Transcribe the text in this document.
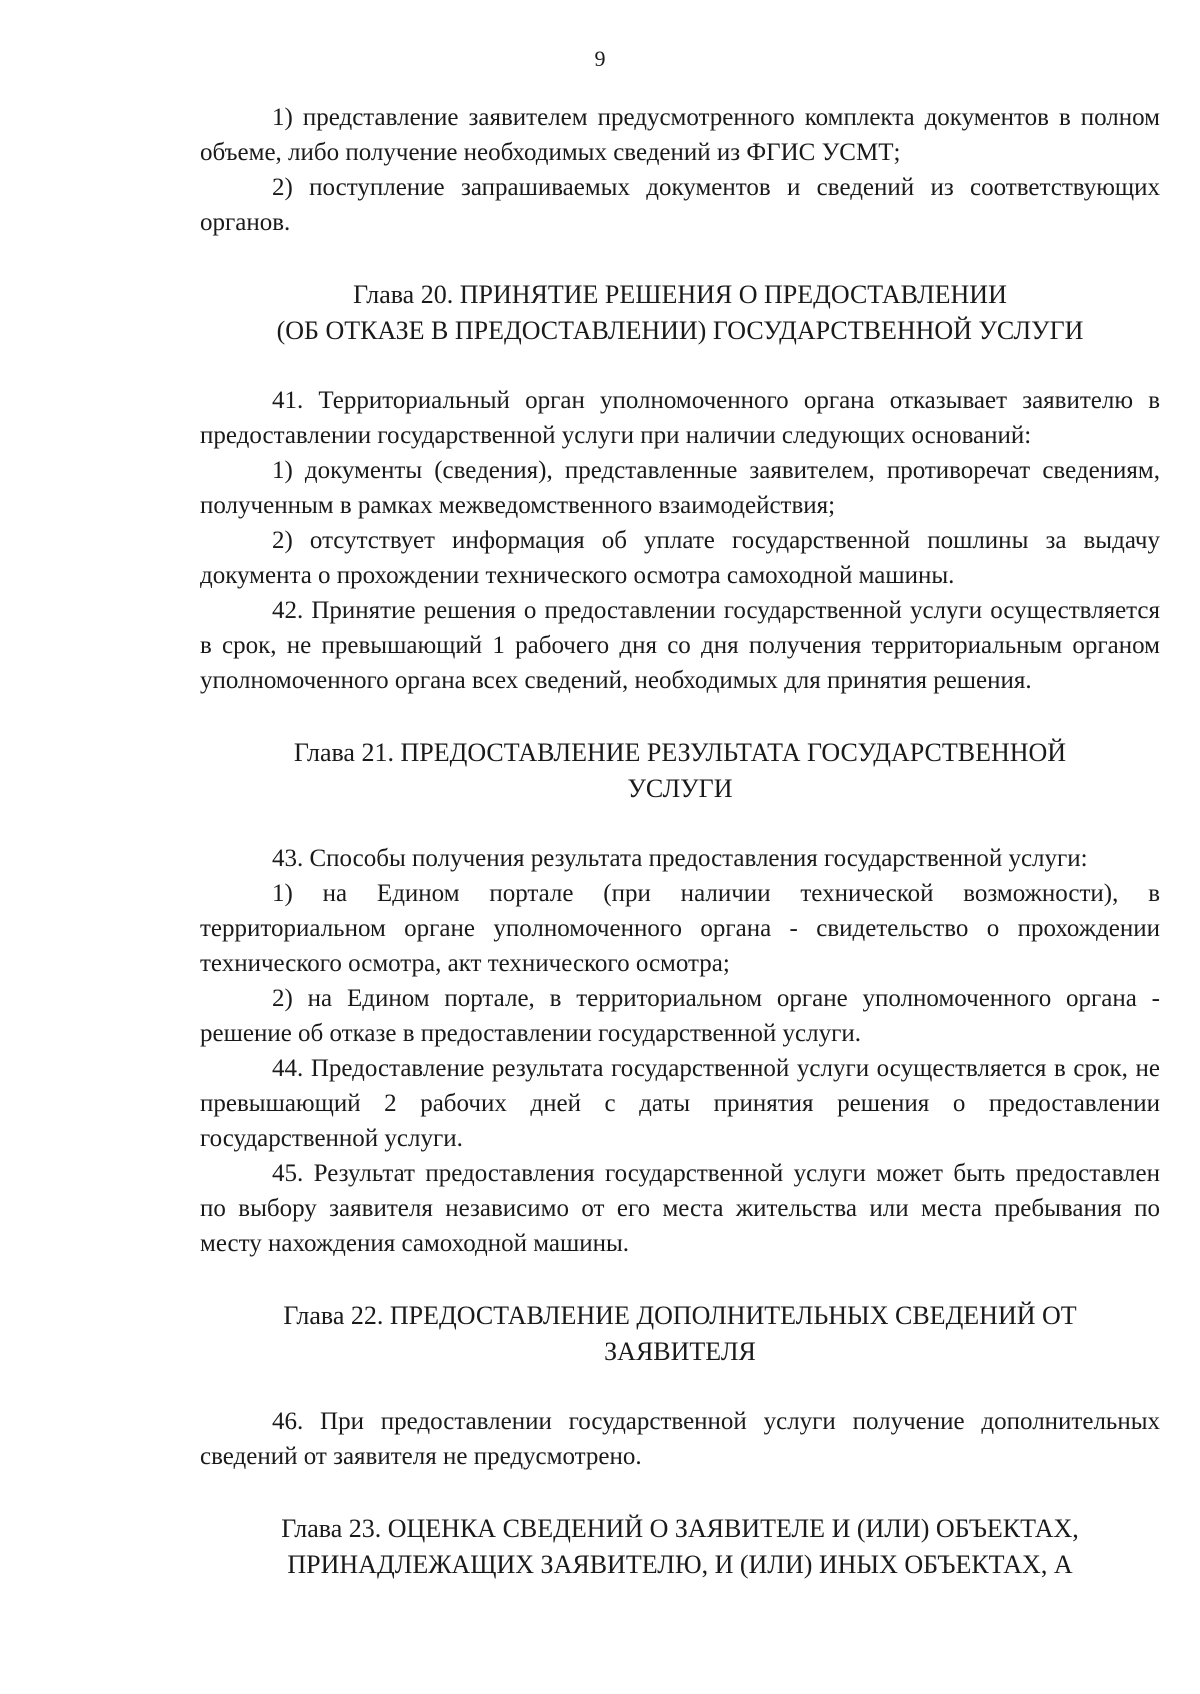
9

1) представление заявителем предусмотренного комплекта документов в полном объеме, либо получение необходимых сведений из ФГИС УСМТ;

2) поступление запрашиваемых документов и сведений из соответствующих органов.

Глава 20. ПРИНЯТИЕ РЕШЕНИЯ О ПРЕДОСТАВЛЕНИИ
(ОБ ОТКАЗЕ В ПРЕДОСТАВЛЕНИИ) ГОСУДАРСТВЕННОЙ УСЛУГИ

41. Территориальный орган уполномоченного органа отказывает заявителю в предоставлении государственной услуги при наличии следующих оснований:

1) документы (сведения), представленные заявителем, противоречат сведениям, полученным в рамках межведомственного взаимодействия;

2) отсутствует информация об уплате государственной пошлины за выдачу документа о прохождении технического осмотра самоходной машины.

42. Принятие решения о предоставлении государственной услуги осуществляется в срок, не превышающий 1 рабочего дня со дня получения территориальным органом уполномоченного органа всех сведений, необходимых для принятия решения.

Глава 21. ПРЕДОСТАВЛЕНИЕ РЕЗУЛЬТАТА ГОСУДАРСТВЕННОЙ
УСЛУГИ

43. Способы получения результата предоставления государственной услуги:

1) на Едином портале (при наличии технической возможности), в территориальном органе уполномоченного органа - свидетельство о прохождении технического осмотра, акт технического осмотра;

2) на Едином портале, в территориальном органе уполномоченного органа - решение об отказе в предоставлении государственной услуги.

44. Предоставление результата государственной услуги осуществляется в срок, не превышающий 2 рабочих дней с даты принятия решения о предоставлении государственной услуги.

45. Результат предоставления государственной услуги может быть предоставлен по выбору заявителя независимо от его места жительства или места пребывания по месту нахождения самоходной машины.

Глава 22. ПРЕДОСТАВЛЕНИЕ ДОПОЛНИТЕЛЬНЫХ СВЕДЕНИЙ ОТ
ЗАЯВИТЕЛЯ

46. При предоставлении государственной услуги получение дополнительных сведений от заявителя не предусмотрено.

Глава 23. ОЦЕНКА СВЕДЕНИЙ О ЗАЯВИТЕЛЕ И (ИЛИ) ОБЪЕКТАХ,
ПРИНАДЛЕЖАЩИХ ЗАЯВИТЕЛЮ, И (ИЛИ) ИНЫХ ОБЪЕКТАХ, А
